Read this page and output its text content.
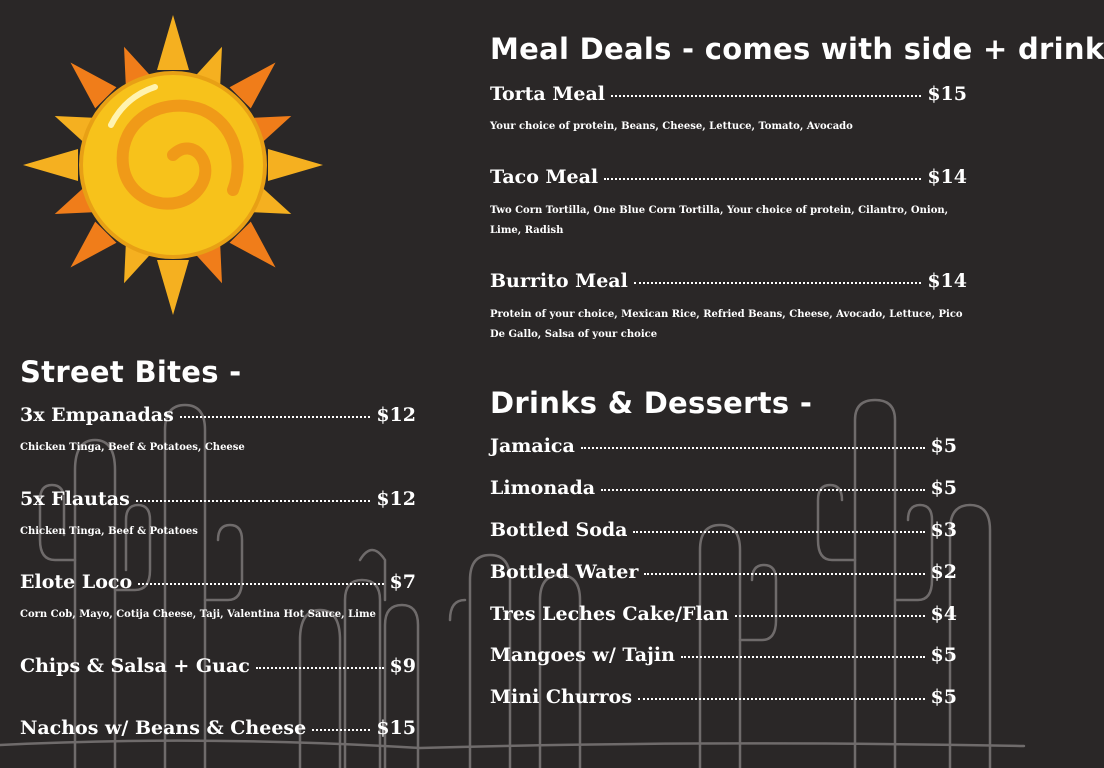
Meal Deals - comes with side + drink
Torta Meal	$15
Your choice of protein, Beans, Cheese, Lettuce, Tomato, Avocado
Taco Meal	$14
Two Corn Tortilla, One Blue Corn Tortilla, Your choice of protein, Cilantro, Onion, Lime, Radish
Burrito Meal	$14
Protein of your choice, Mexican Rice, Refried Beans, Cheese, Avocado, Lettuce, Pico De Gallo, Salsa of your choice
Street Bites -
3x Empanadas	$12
Chicken Tinga, Beef & Potatoes, Cheese
5x Flautas	$12
Chicken Tinga, Beef & Potatoes
Elote Loco	$7
Corn Cob, Mayo, Cotija Cheese, Taji, Valentina Hot Sauce, Lime
Chips & Salsa + Guac	$9
Nachos w/ Beans & Cheese	$15
Drinks & Desserts -
Jamaica	$5
Limonada	$5
Bottled Soda	$3
Bottled Water	$2
Tres Leches Cake/Flan	$4
Mangoes w/ Tajin	$5
Mini Churros	$5
